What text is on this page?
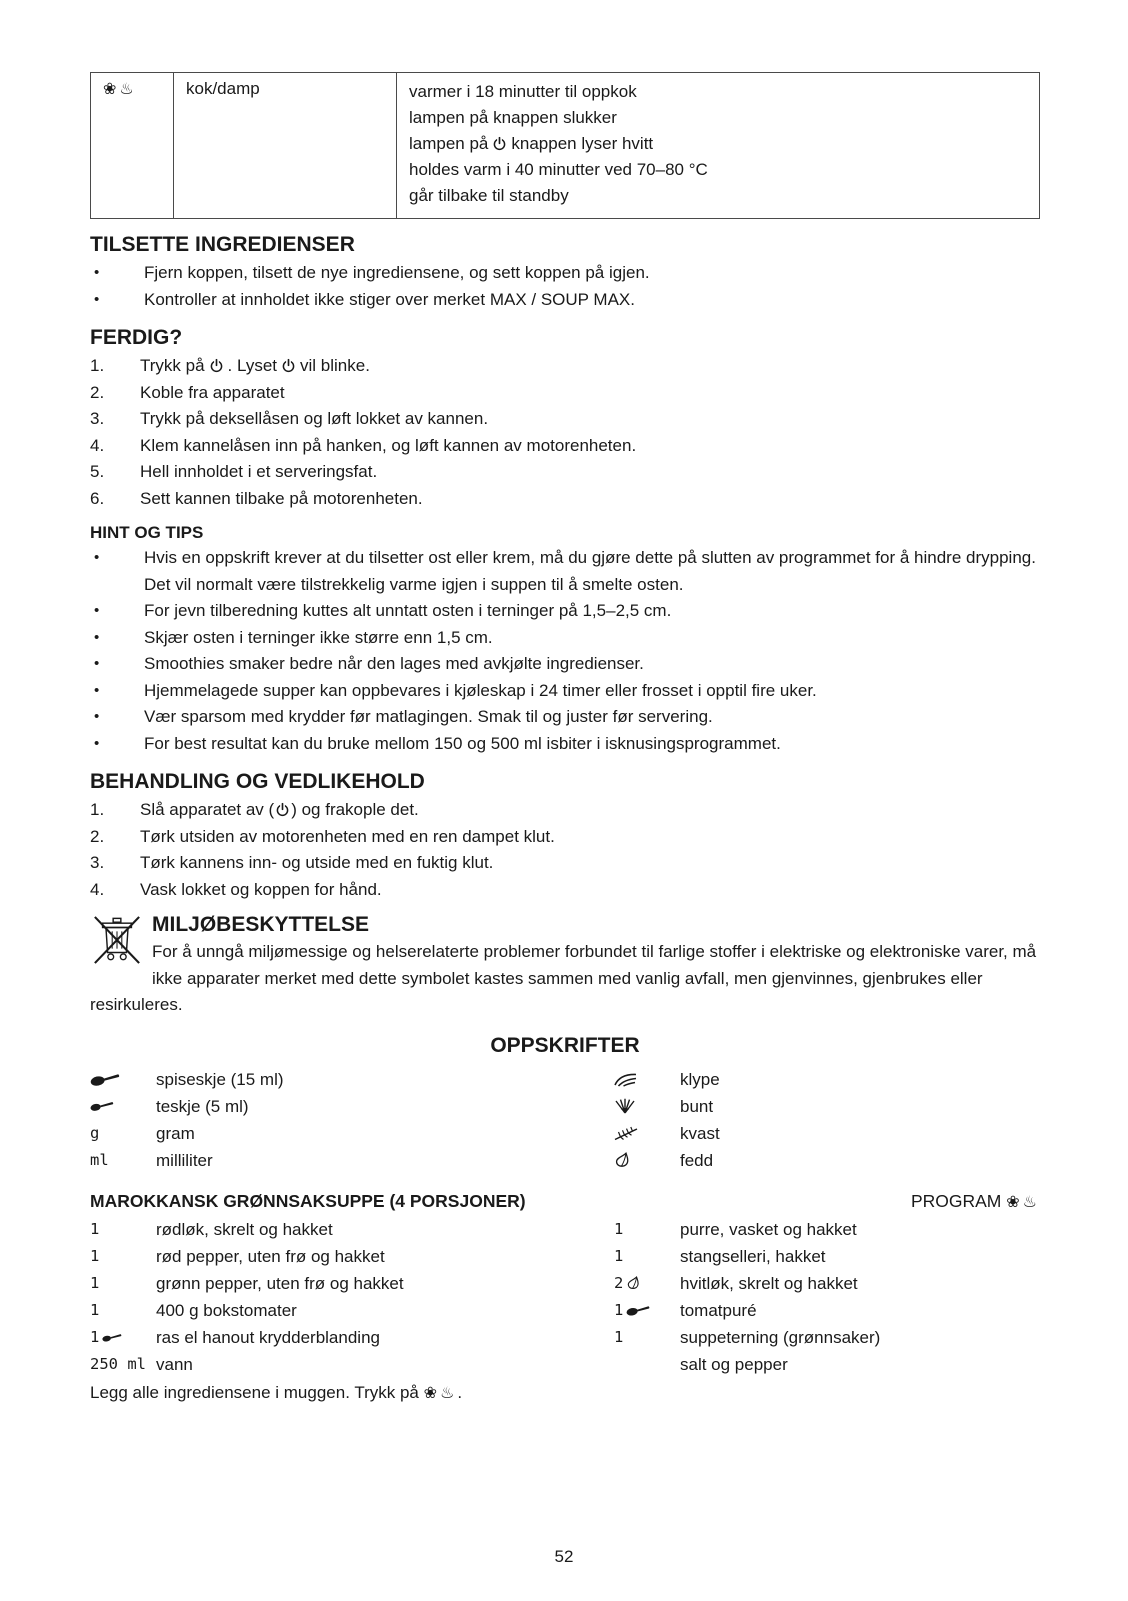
❀♨	kok/damp	varmer i 18 minutter til oppkok
lampen på knappen slukker
lampen på knappen lyser hvitt
holdes varm i 40 minutter ved 70–80 °C
går tilbake til standby
TILSETTE INGREDIENSER
•	Fjern koppen, tilsett de nye ingrediensene, og sett koppen på igjen.
•	Kontroller at innholdet ikke stiger over merket MAX / SOUP MAX.
FERDIG?
1.	Trykk på . Lyset vil blinke.
2.	Koble fra apparatet
3.	Trykk på deksellåsen og løft lokket av kannen.
4.	Klem kannelåsen inn på hanken, og løft kannen av motorenheten.
5.	Hell innholdet i et serveringsfat.
6.	Sett kannen tilbake på motorenheten.
HINT OG TIPS
•	Hvis en oppskrift krever at du tilsetter ost eller krem, må du gjøre dette på slutten av programmet for å hindre drypping. Det vil normalt være tilstrekkelig varme igjen i suppen til å smelte osten.
•	For jevn tilberedning kuttes alt unntatt osten i terninger på 1,5–2,5 cm.
•	Skjær osten i terninger ikke større enn 1,5 cm.
•	Smoothies smaker bedre når den lages med avkjølte ingredienser.
•	Hjemmelagede supper kan oppbevares i kjøleskap i 24 timer eller frosset i opptil fire uker.
•	Vær sparsom med krydder før matlagingen. Smak til og juster før servering.
•	For best resultat kan du bruke mellom 150 og 500 ml isbiter i isknusingsprogrammet.
BEHANDLING OG VEDLIKEHOLD
1.	Slå apparatet av ( ) og frakople det.
2.	Tørk utsiden av motorenheten med en ren dampet klut.
3.	Tørk kannens inn- og utside med en fuktig klut.
4.	Vask lokket og koppen for hånd.
MILJØBESKYTTELSE
For å unngå miljømessige og helserelaterte problemer forbundet til farlige stoffer i elektriske og elektroniske varer, må ikke apparater merket med dette symbolet kastes sammen med vanlig avfall, men gjenvinnes, gjenbrukes eller resirkuleres.
OPPSKRIFTER
spiseskje (15 ml)
teskje (5 ml)
g	gram
ml	milliliter
klype
bunt
kvast
fedd
MAROKKANSK GRØNNSAKSUPPE (4 PORSJONER)	PROGRAM ❀♨
1	rødløk, skrelt og hakket
1	rød pepper, uten frø og hakket
1	grønn pepper, uten frø og hakket
1	400 g bokstomater
1	ras el hanout krydderblanding
250 ml vann
1	purre, vasket og hakket
1	stangselleri, hakket
2	hvitløk, skrelt og hakket
1	tomatpuré
1	suppeterning (grønnsaker)
salt og pepper
Legg alle ingrediensene i muggen. Trykk på ❀♨.
52
